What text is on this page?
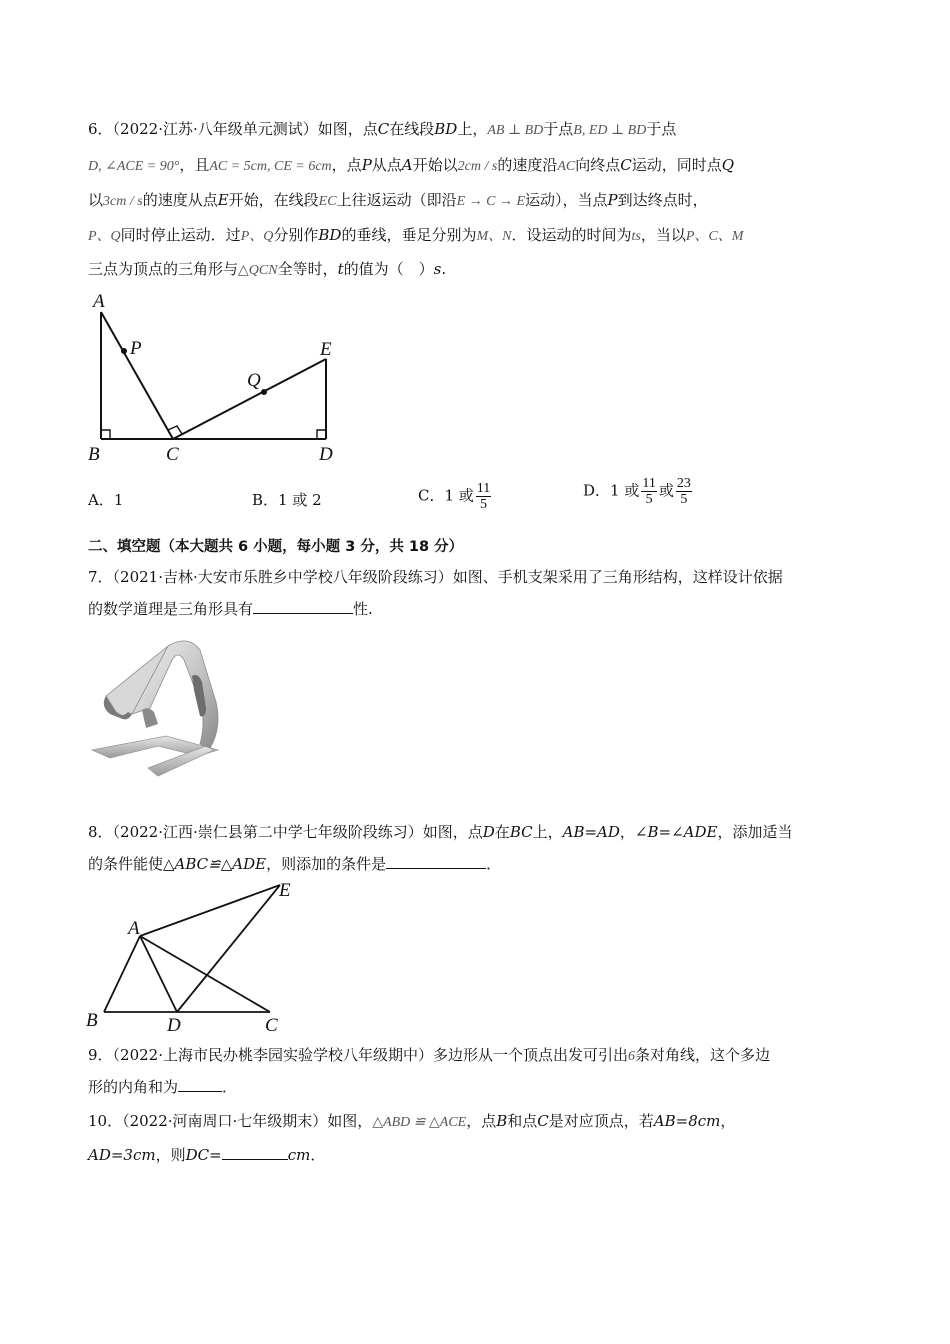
6．（2022·江苏·八年级单元测试）如图，点C在线段BD上，AB ⊥ BD于点B, ED ⊥ BD于点
D, ∠ACE = 90°，且AC = 5cm, CE = 6cm，点P从点A开始以2cm / s的速度沿AC向终点C运动，同时点Q
以3cm / s的速度从点E开始，在线段EC上往返运动（即沿E → C → E运动），当点P到达终点时，
P、Q同时停止运动．过P、Q分别作BD的垂线，垂足分别为M、N．设运动的时间为ts，当以P、C、M
三点为顶点的三角形与△QCN全等时，t的值为（　）s.
A
P	E
Q
B	C	D
A．1	B．1 或 2	C．1 或 $\frac{11}{5}$	D．1 或 $\frac{11}{5}$ 或 $\frac{23}{5}$
二、填空题（本大题共 6 小题，每小题 3 分，共 18 分）
7．（2021·吉林·大安市乐胜乡中学校八年级阶段练习）如图、手机支架采用了三角形结构，这样设计依据
的数学道理是三角形具有	性.
8．（2022·江西·崇仁县第二中学七年级阶段练习）如图，点D在BC上，AB=AD，∠B=∠ADE，添加适当
的条件能使△ABC≌△ADE，则添加的条件是	．
A
E
B	D	C
9．（2022·上海市民办桃李园实验学校八年级期中）多边形从一个顶点出发可引出6条对角线，这个多边
形的内角和为	．
10．（2022·河南周口·七年级期末）如图，△ABD ≌ △ACE，点B和点C是对应顶点，若AB=8cm，
AD=3cm，则DC=	cm．
